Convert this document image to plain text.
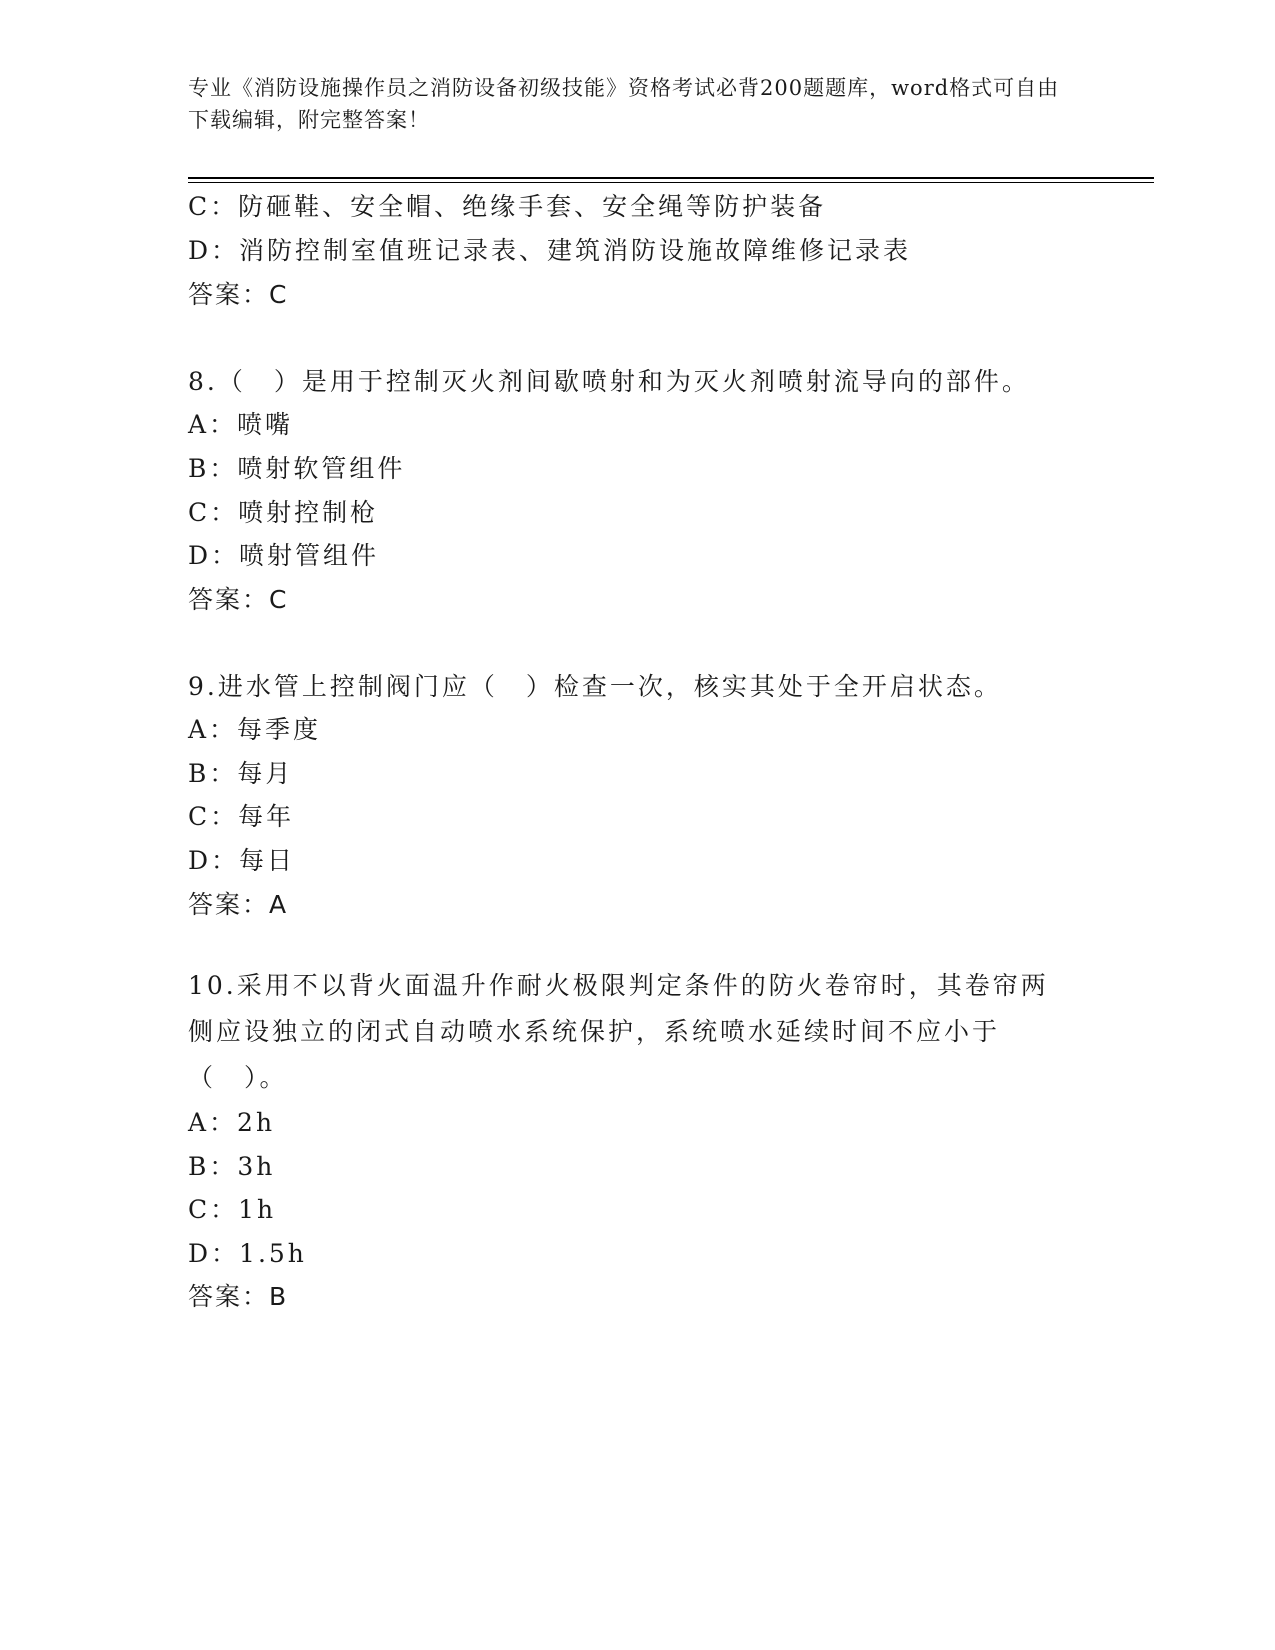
专业《消防设施操作员之消防设备初级技能》资格考试必背200题题库，word格式可自由下载编辑，附完整答案！
C：防砸鞋、安全帽、绝缘手套、安全绳等防护装备
D：消防控制室值班记录表、建筑消防设施故障维修记录表
答案：C
8.（　）是用于控制灭火剂间歇喷射和为灭火剂喷射流导向的部件。
A：喷嘴
B：喷射软管组件
C：喷射控制枪
D：喷射管组件
答案：C
9.进水管上控制阀门应（　）检查一次，核实其处于全开启状态。
A：每季度
B：每月
C：每年
D：每日
答案：A
10.采用不以背火面温升作耐火极限判定条件的防火卷帘时，其卷帘两侧应设独立的闭式自动喷水系统保护，系统喷水延续时间不应小于（　）。
A：2h
B：3h
C：1h
D：1.5h
答案：B
